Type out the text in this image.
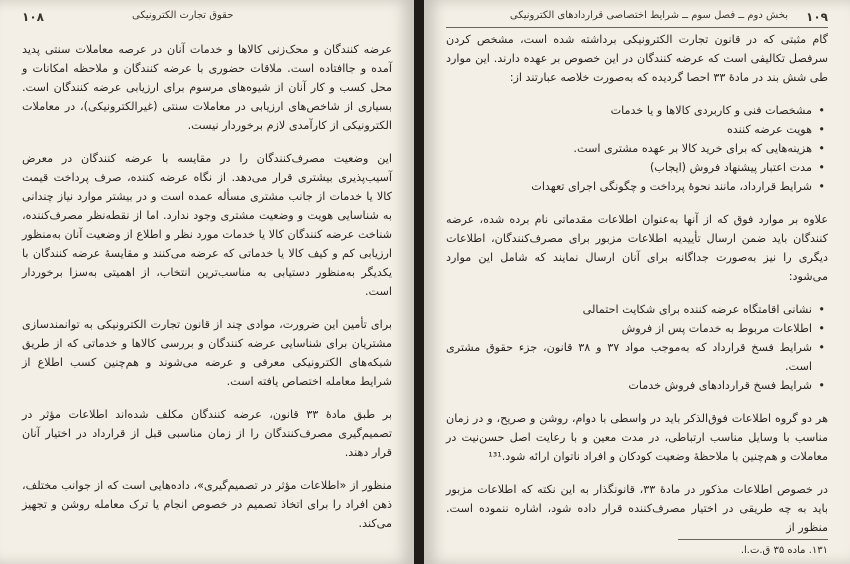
۱۰۸	حقوق تجارت الکترونیکی

عرضه کنندگان و محک‌زنی کالاها و خدمات آنان در عرصه معاملات سنتی پدید آمده و جاافتاده است. ملاقات حضوری با عرضه کنندگان و ملاحظه امکانات و محل کسب و کار آنان از شیوه‌های مرسوم برای ارزیابی عرضه کنندگان است. بسیاری از شاخص‌های ارزیابی در معاملات سنتی (غیرالکترونیکی)، در معاملات الکترونیکی از کارآمدی لازم برخوردار نیست.

این وضعیت مصرف‌کنندگان را در مقایسه با عرضه کنندگان در معرض آسیب‌پذیری بیشتری قرار می‌دهد. از نگاه عرضه کننده، صرف پرداخت قیمت کالا یا خدمات از جانب مشتری مسأله عمده است و در بیشتر موارد نیاز چندانی به شناسایی هویت و وضعیت مشتری وجود ندارد. اما از نقطه‌نظر مصرف‌کننده، شناخت عرضه کنندگان کالا یا خدمات مورد نظر و اطلاع از وضعیت آنان به‌منظور ارزیابی کم و کیف کالا یا خدماتی که عرضه می‌کنند و مقایسهٔ عرضه کنندگان با یکدیگر به‌منظور دستیابی به مناسب‌ترین انتخاب، از اهمیتی به‌سزا برخوردار است.

برای تأمین این ضرورت، موادی چند از قانون تجارت الکترونیکی به توانمندسازی مشتریان برای شناسایی عرضه کنندگان و بررسی کالاها و خدماتی که از طریق شبکه‌های الکترونیکی معرفی و عرضه می‌شوند و هم‌چنین کسب اطلاع از شرایط معامله اختصاص یافته است.

بر طبق مادهٔ ۳۳ قانون، عرضه کنندگان مکلف شده‌اند اطلاعات مؤثر در تصمیم‌گیری مصرف‌کنندگان را از زمان مناسبی قبل از قرارداد در اختیار آنان قرار دهند.

منظور از «اطلاعات مؤثر در تصمیم‌گیری»، داده‌هایی است که از جوانب مختلف، ذهن افراد را برای اتخاذ تصمیم در خصوص انجام یا ترک معامله روشن و تجهیز می‌کند.

۱۰۹
بخش دوم ــ فصل سوم ــ شرایط اختصاصی قراردادهای الکترونیکی

گام مثبتی که در قانون تجارت الکترونیکی برداشته شده است، مشخص کردن سرفصل تکالیفی است که عرضه کنندگان در این خصوص بر عهده دارند. این موارد طی شش بند در مادهٔ ۳۳ احصا گردیده که به‌صورت خلاصه عبارتند از:

• مشخصات فنی و کاربردی کالاها و یا خدمات
• هویت عرضه کننده
• هزینه‌هایی که برای خرید کالا بر عهده مشتری است.
• مدت اعتبار پیشنهاد فروش (ایجاب)
• شرایط قرارداد، مانند نحوهٔ پرداخت و چگونگی اجرای تعهدات

علاوه بر موارد فوق که از آنها به‌عنوان اطلاعات مقدماتی نام برده شده، عرضه کنندگان باید ضمن ارسال تأییدیه اطلاعات مزبور برای مصرف‌کنندگان، اطلاعات دیگری را نیز به‌صورت جداگانه برای آنان ارسال نمایند که شامل این موارد می‌شود:

• نشانی اقامتگاه عرضه کننده برای شکایت احتمالی
• اطلاعات مربوط به خدمات پس از فروش
• شرایط فسخ قرارداد که به‌موجب مواد ۳۷ و ۳۸ قانون، جزء حقوق مشتری است.
• شرایط فسخ قراردادهای فروش خدمات

هر دو گروه اطلاعات فوق‌الذکر باید در واسطی با دوام، روشن و صریح، و در زمان مناسب با وسایل مناسب ارتباطی، در مدت معین و با رعایت اصل حسن‌نیت در معاملات و هم‌چنین با ملاحظهٔ وضعیت کودکان و افراد ناتوان ارائه شود.¹³¹

در خصوص اطلاعات مذکور در مادهٔ ۳۳، قانونگذار به این نکته که اطلاعات مزبور باید به چه طریقی در اختیار مصرف‌کننده قرار داده شود، اشاره ننموده است. منظور از

۱۳۱. ماده ۳۵ ق.ت.ا.
